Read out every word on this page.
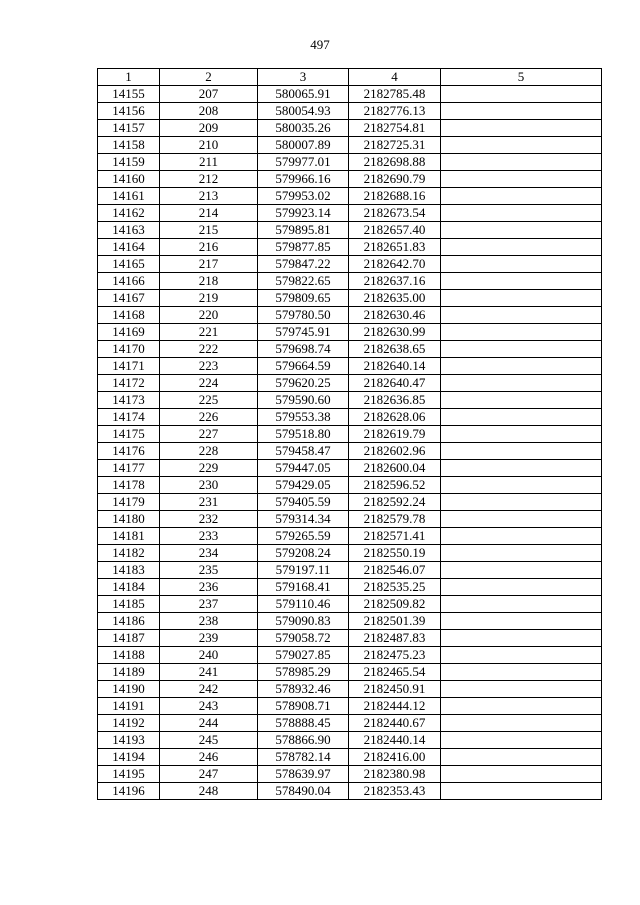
497
1	2	3	4	5
14155	207	580065.91	2182785.48	
14156	208	580054.93	2182776.13	
14157	209	580035.26	2182754.81	
14158	210	580007.89	2182725.31	
14159	211	579977.01	2182698.88	
14160	212	579966.16	2182690.79	
14161	213	579953.02	2182688.16	
14162	214	579923.14	2182673.54	
14163	215	579895.81	2182657.40	
14164	216	579877.85	2182651.83	
14165	217	579847.22	2182642.70	
14166	218	579822.65	2182637.16	
14167	219	579809.65	2182635.00	
14168	220	579780.50	2182630.46	
14169	221	579745.91	2182630.99	
14170	222	579698.74	2182638.65	
14171	223	579664.59	2182640.14	
14172	224	579620.25	2182640.47	
14173	225	579590.60	2182636.85	
14174	226	579553.38	2182628.06	
14175	227	579518.80	2182619.79	
14176	228	579458.47	2182602.96	
14177	229	579447.05	2182600.04	
14178	230	579429.05	2182596.52	
14179	231	579405.59	2182592.24	
14180	232	579314.34	2182579.78	
14181	233	579265.59	2182571.41	
14182	234	579208.24	2182550.19	
14183	235	579197.11	2182546.07	
14184	236	579168.41	2182535.25	
14185	237	579110.46	2182509.82	
14186	238	579090.83	2182501.39	
14187	239	579058.72	2182487.83	
14188	240	579027.85	2182475.23	
14189	241	578985.29	2182465.54	
14190	242	578932.46	2182450.91	
14191	243	578908.71	2182444.12	
14192	244	578888.45	2182440.67	
14193	245	578866.90	2182440.14	
14194	246	578782.14	2182416.00	
14195	247	578639.97	2182380.98	
14196	248	578490.04	2182353.43	
